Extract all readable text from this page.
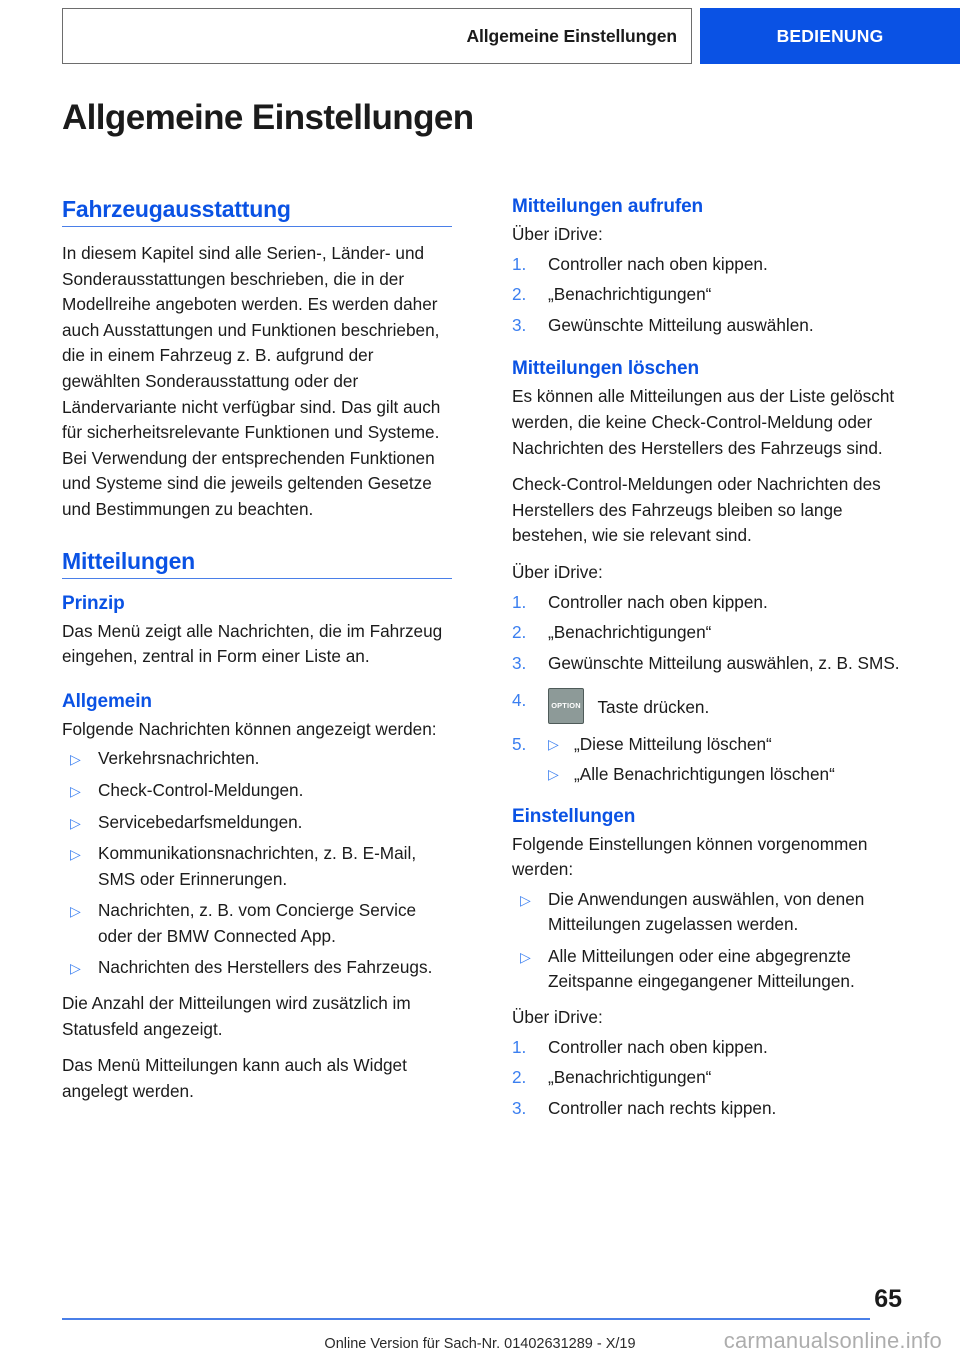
Allgemeine Einstellungen	BEDIENUNG
Allgemeine Einstellungen
Fahrzeugausstattung

In diesem Kapitel sind alle Serien-, Länder- und Sonderausstattungen beschrieben, die in der Modellreihe angeboten werden. Es werden daher auch Ausstattungen und Funktionen beschrieben, die in einem Fahrzeug z. B. aufgrund der gewählten Sonderausstattung oder der Ländervariante nicht verfügbar sind. Das gilt auch für sicherheitsrelevante Funktionen und Systeme. Bei Verwendung der entsprechenden Funktionen und Systeme sind die jeweils geltenden Gesetze und Bestimmungen zu beachten.

Mitteilungen
Prinzip

Das Menü zeigt alle Nachrichten, die im Fahrzeug eingehen, zentral in Form einer Liste an.

Allgemein

Folgende Nachrichten können angezeigt werden:

▷ Verkehrsnachrichten.
▷ Check-Control-Meldungen.
▷ Servicebedarfsmeldungen.
▷ Kommunikationsnachrichten, z. B. E-Mail, SMS oder Erinnerungen.
▷ Nachrichten, z. B. vom Concierge Service oder der BMW Connected App.
▷ Nachrichten des Herstellers des Fahrzeugs.

Die Anzahl der Mitteilungen wird zusätzlich im Statusfeld angezeigt.

Das Menü Mitteilungen kann auch als Widget angelegt werden.

Mitteilungen aufrufen

Über iDrive:

1.	Controller nach oben kippen.
2.	„Benachrichtigungen“
3.	Gewünschte Mitteilung auswählen.
Mitteilungen löschen

Es können alle Mitteilungen aus der Liste gelöscht werden, die keine Check-Control-Meldung oder Nachrichten des Herstellers des Fahrzeugs sind.

Check-Control-Meldungen oder Nachrichten des Herstellers des Fahrzeugs bleiben so lange bestehen, wie sie relevant sind.

Über iDrive:

1.	Controller nach oben kippen.
2.	„Benachrichtigungen“
3.	Gewünschte Mitteilung auswählen, z. B. SMS.
4.	OPTION Taste drücken.
5.	▷ „Diese Mitteilung löschen“
▷ „Alle Benachrichtigungen löschen“
Einstellungen

Folgende Einstellungen können vorgenommen werden:

▷ Die Anwendungen auswählen, von denen Mitteilungen zugelassen werden.
▷ Alle Mitteilungen oder eine abgegrenzte Zeitspanne eingegangener Mitteilungen.

Über iDrive:

1.	Controller nach oben kippen.
2.	„Benachrichtigungen“
3.	Controller nach rechts kippen.
65
Online Version für Sach-Nr. 01402631289 - X/19	carmanualsonline.info
